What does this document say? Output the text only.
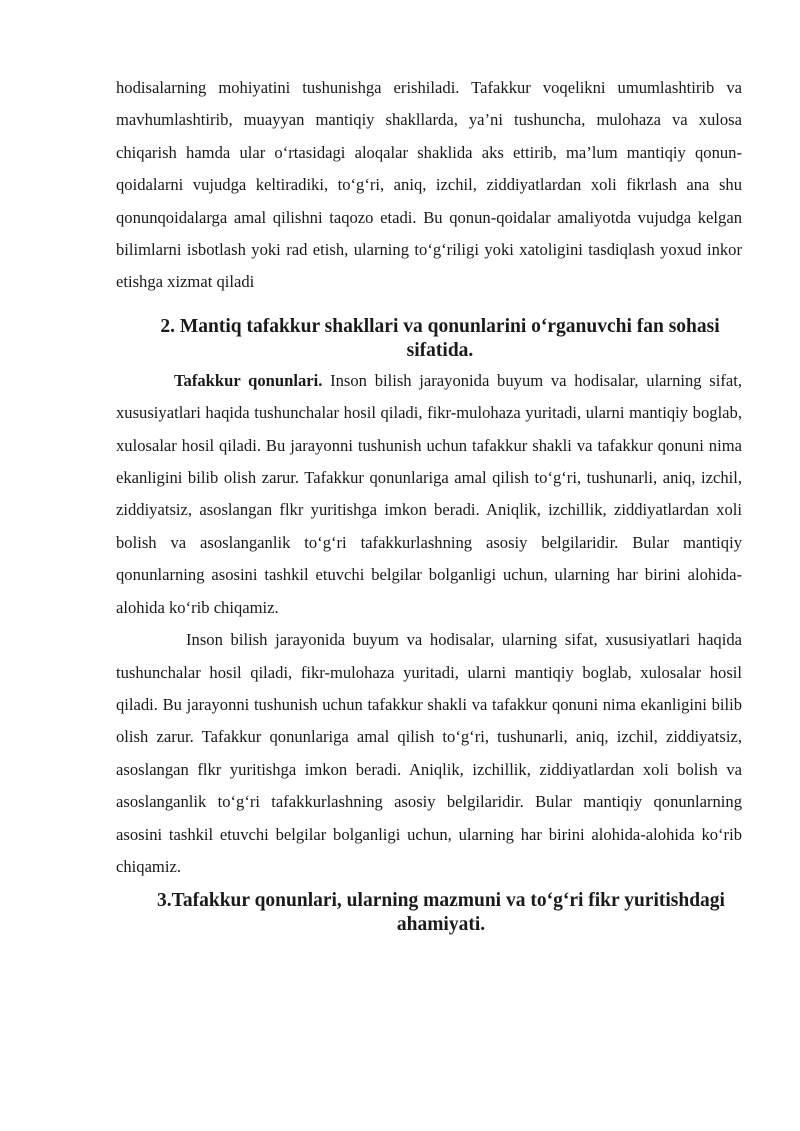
hodisalarning mohiyatini tushunishga erishiladi. Tafakkur voqelikni umumlashtirib va mavhumlashtirib, muayyan mantiqiy shakllarda, ya’ni tushuncha, mulohaza va xulosa chiqarish hamda ular o‘rtasidagi aloqalar shaklida aks ettirib, ma’lum mantiqiy qonun-qoidalarni vujudga keltiradiki, to‘g‘ri, aniq, izchil, ziddiyatlardan xoli fikrlash ana shu qonunqoidalarga amal qilishni taqozo etadi. Bu qonun-qoidalar amaliyotda vujudga kelgan bilimlarni isbotlash yoki rad etish, ularning to‘g‘riligi yoki xatoligini tasdiqlash yoxud inkor etishga xizmat qiladi

2. Mantiq tafakkur shakllari va qonunlarini o‘rganuvchi fan sohasi sifatida.

Tafakkur qonunlari. Inson bilish jarayonida buyum va hodisalar, ularning sifat, xususiyatlari haqida tushunchalar hosil qiladi, fikr-mulohaza yuritadi, ularni mantiqiy boglab, xulosalar hosil qiladi. Bu jarayonni tushunish uchun tafakkur shakli va tafakkur qonuni nima ekanligini bilib olish zarur. Tafakkur qonunlariga amal qilish to‘g‘ri, tushunarli, aniq, izchil, ziddiyatsiz, asoslangan flkr yuritishga imkon beradi. Aniqlik, izchillik, ziddiyatlardan xoli bolish va asoslanganlik to‘g‘ri tafakkurlashning asosiy belgilaridir. Bular mantiqiy qonunlarning asosini tashkil etuvchi belgilar bolganligi uchun, ularning har birini alohida-alohida ko‘rib chiqamiz.

Inson bilish jarayonida buyum va hodisalar, ularning sifat, xususiyatlari haqida tushunchalar hosil qiladi, fikr-mulohaza yuritadi, ularni mantiqiy boglab, xulosalar hosil qiladi. Bu jarayonni tushunish uchun tafakkur shakli va tafakkur qonuni nima ekanligini bilib olish zarur. Tafakkur qonunlariga amal qilish to‘g‘ri, tushunarli, aniq, izchil, ziddiyatsiz, asoslangan flkr yuritishga imkon beradi. Aniqlik, izchillik, ziddiyatlardan xoli bolish va asoslanganlik to‘g‘ri tafakkurlashning asosiy belgilaridir. Bular mantiqiy qonunlarning asosini tashkil etuvchi belgilar bolganligi uchun, ularning har birini alohida-alohida ko‘rib chiqamiz.

3.Tafakkur qonunlari, ularning mazmuni va to‘g‘ri fikr yuritishdagi ahamiyati.
